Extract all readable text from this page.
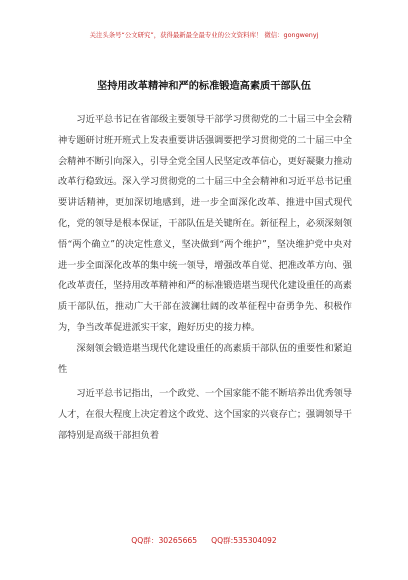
关注头条号“公文研究”，获得最新最全最专业的公文资料库！ 微信：gongwenyj
坚持用改革精神和严的标准锻造高素质干部队伍

习近平总书记在省部级主要领导干部学习贯彻党的二十届三中全会精神专题研讨班开班式上发表重要讲话强调要把学习贯彻党的二十届三中全会精神不断引向深入，引导全党全国人民坚定改革信心，更好凝聚力推动改革行稳致远。深入学习贯彻党的二十届三中全会精神和习近平总书记重要讲话精神，更加深切地感到，进一步全面深化改革、推进中国式现代化，党的领导是根本保证，干部队伍是关键所在。新征程上，必须深刻领悟“两个确立”的决定性意义，坚决做到“两个维护”，坚决维护党中央对进一步全面深化改革的集中统一领导，增强改革自觉、把准改革方向、强化改革责任，坚持用改革精神和严的标准锻造堪当现代化建设重任的高素质干部队伍，推动广大干部在波澜壮阔的改革征程中奋勇争先、积极作为，争当改革促进派实干家，跑好历史的接力棒。

深刻领会锻造堪当现代化建设重任的高素质干部队伍的重要性和紧迫性

习近平总书记指出，一个政党、一个国家能不能不断培养出优秀领导人才，在很大程度上决定着这个政党、这个国家的兴衰存亡；强调领导干部特别是高级干部担负着

QQ群：30265665 QQ群:535304092
